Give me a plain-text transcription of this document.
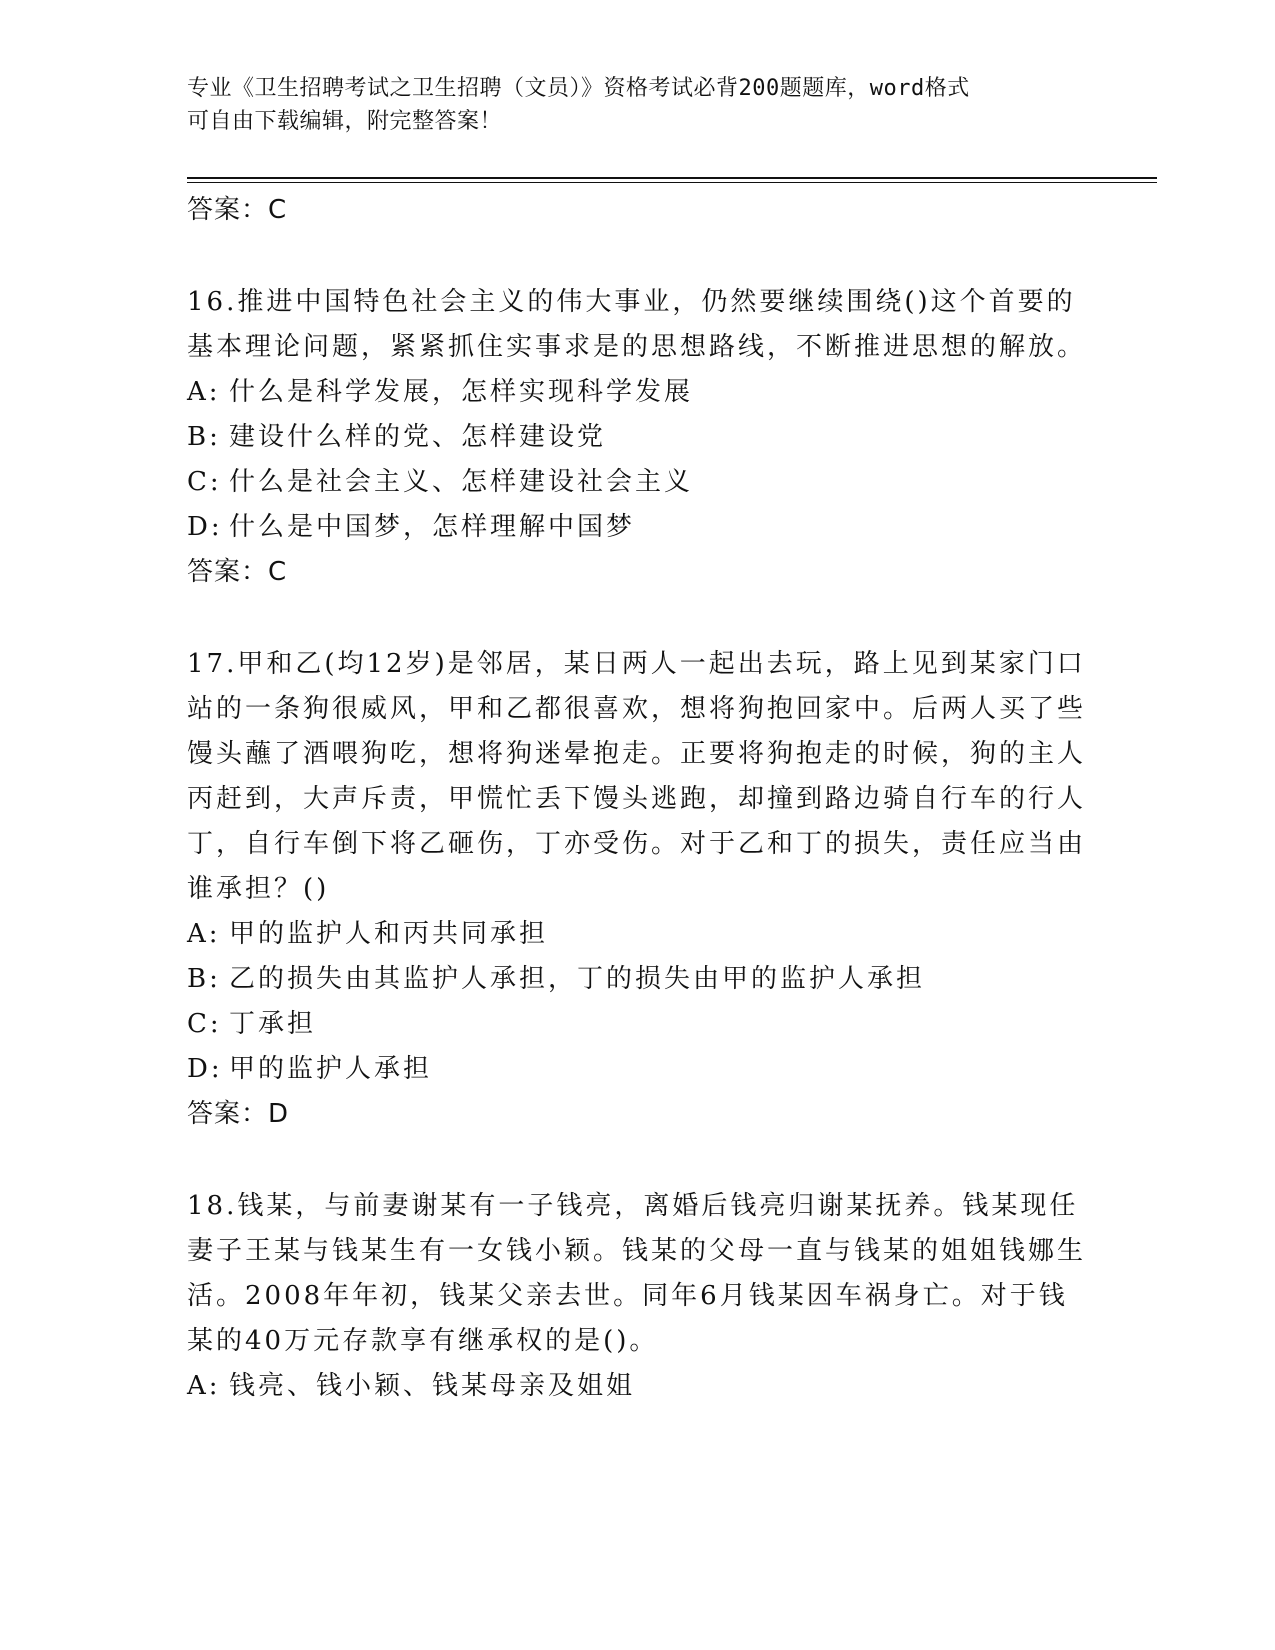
专业《卫生招聘考试之卫生招聘（文员）》资格考试必背200题题库，word格式
可自由下载编辑，附完整答案！
答案：C

16.推进中国特色社会主义的伟大事业，仍然要继续围绕()这个首要的基本理论问题，紧紧抓住实事求是的思想路线，不断推进思想的解放。

A: 什么是科学发展，怎样实现科学发展
B: 建设什么样的党、怎样建设党
C: 什么是社会主义、怎样建设社会主义
D: 什么是中国梦，怎样理解中国梦
答案：C

17.甲和乙(均12岁)是邻居，某日两人一起出去玩，路上见到某家门口站的一条狗很威风，甲和乙都很喜欢，想将狗抱回家中。后两人买了些馒头蘸了酒喂狗吃，想将狗迷晕抱走。正要将狗抱走的时候，狗的主人丙赶到，大声斥责，甲慌忙丢下馒头逃跑，却撞到路边骑自行车的行人丁，自行车倒下将乙砸伤，丁亦受伤。对于乙和丁的损失，责任应当由谁承担？()

A: 甲的监护人和丙共同承担
B: 乙的损失由其监护人承担，丁的损失由甲的监护人承担
C: 丁承担
D: 甲的监护人承担
答案：D

18.钱某，与前妻谢某有一子钱亮，离婚后钱亮归谢某抚养。钱某现任妻子王某与钱某生有一女钱小颖。钱某的父母一直与钱某的姐姐钱娜生活。2008年年初，钱某父亲去世。同年6月钱某因车祸身亡。对于钱某的40万元存款享有继承权的是()。

A: 钱亮、钱小颖、钱某母亲及姐姐
